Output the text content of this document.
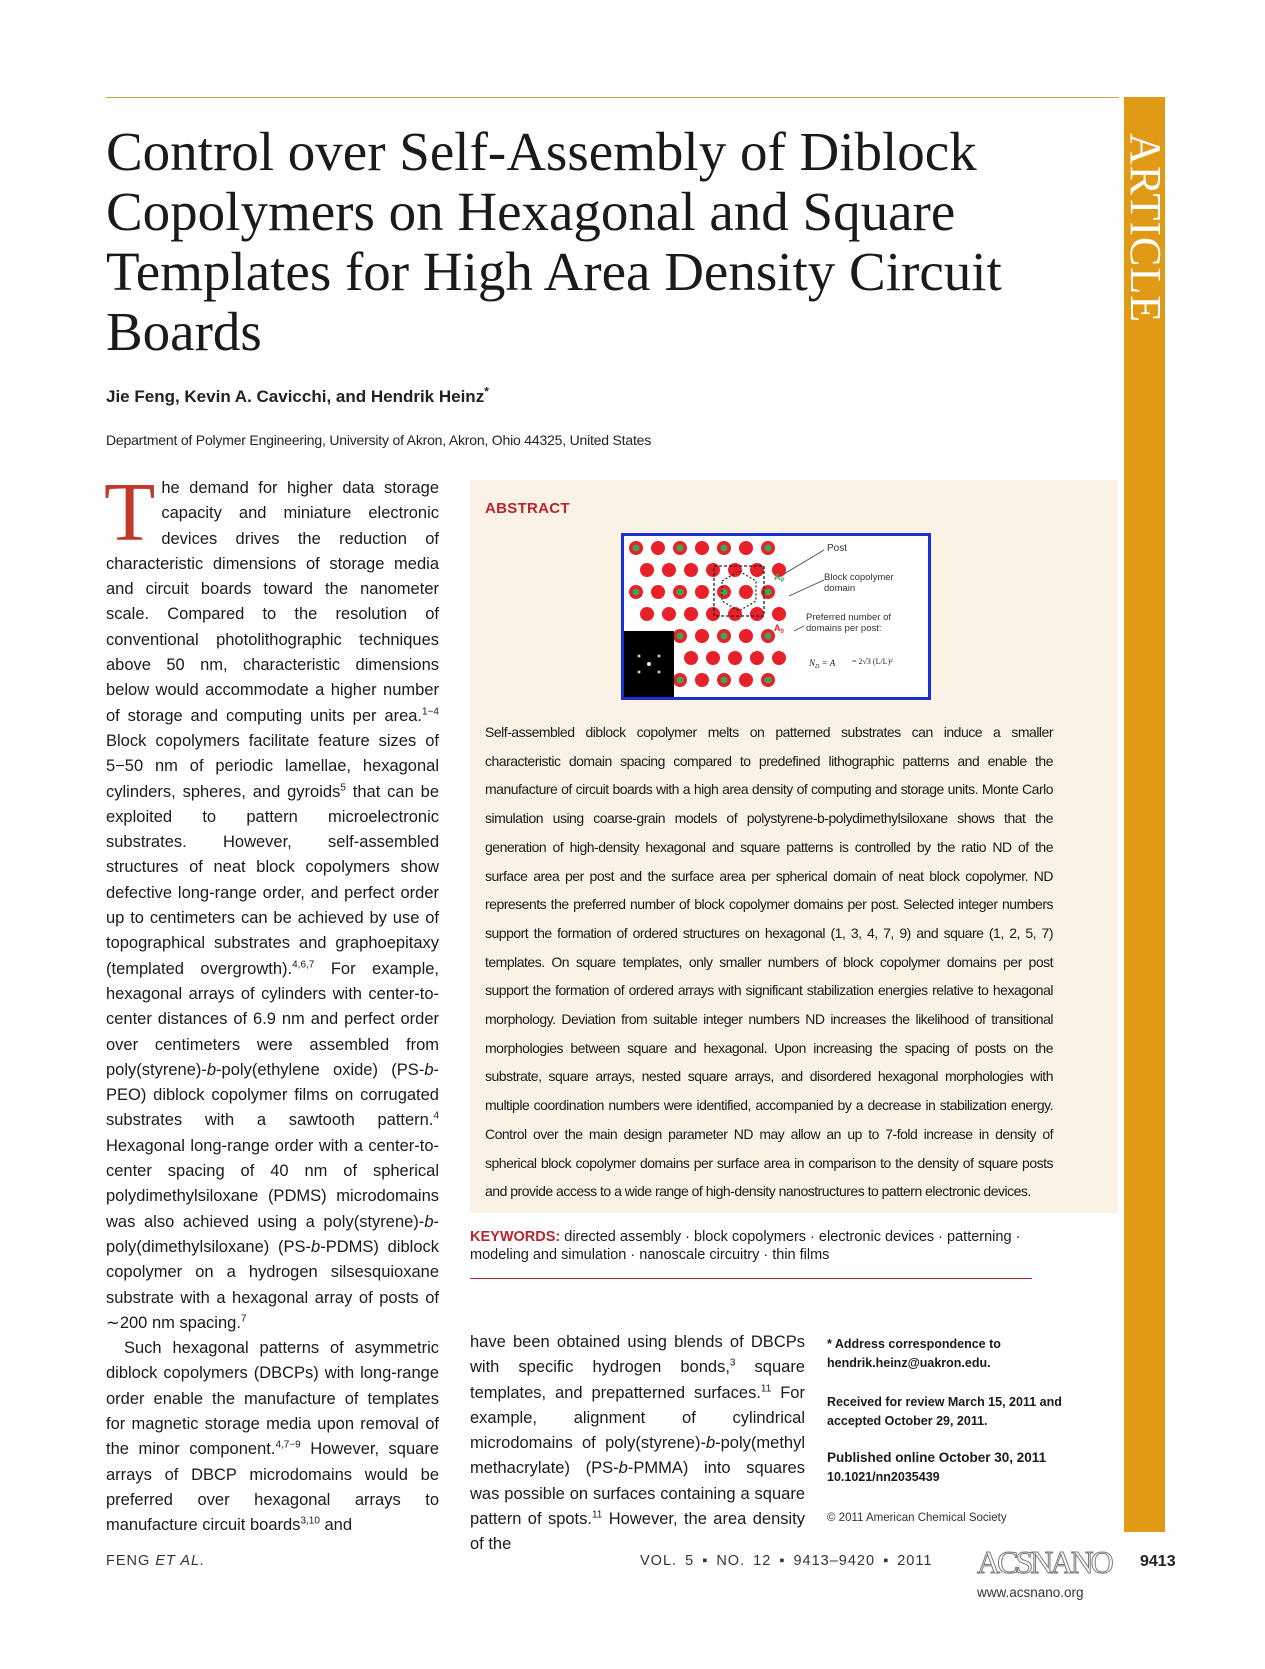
ARTICLE
Control over Self-Assembly of Diblock Copolymers on Hexagonal and Square Templates for High Area Density Circuit Boards
Jie Feng, Kevin A. Cavicchi, and Hendrik Heinz*
Department of Polymer Engineering, University of Akron, Akron, Ohio 44325, United States
T he demand for higher data storage capacity and miniature electronic devices drives the reduction of characteristic dimensions of storage media and circuit boards toward the nanometer scale. Compared to the resolution of conventional photolithographic techniques above 50 nm, characteristic dimensions below would accommodate a higher number of storage and computing units per area.$^{1-4}$ Block copolymers facilitate feature sizes of 5−50 nm of periodic lamellae, hexagonal cylinders, spheres, and gyroids$^5$ that can be exploited to pattern microelectronic substrates. However, self-assembled structures of neat block copolymers show defective long-range order, and perfect order up to centimeters can be achieved by use of topographical substrates and graphoepitaxy (templated overgrowth).$^{4,6,7}$ For example, hexagonal arrays of cylinders with center-to-center distances of 6.9 nm and perfect order over centimeters were assembled from poly(styrene)-b-poly(ethylene oxide) (PS-b-PEO) diblock copolymer films on corrugated substrates with a sawtooth pattern.$^4$ Hexagonal long-range order with a center-to-center spacing of 40 nm of spherical polydimethylsiloxane (PDMS) microdomains was also achieved using a poly(styrene)-b-poly(dimethylsiloxane) (PS-b-PDMS) diblock copolymer on a hydrogen silsesquioxane substrate with a hexagonal array of posts of ∼200 nm spacing.$^7$
Such hexagonal patterns of asymmetric diblock copolymers (DBCPs) with long-range order enable the manufacture of templates for magnetic storage media upon removal of the minor component.$^{4,7-9}$ However, square arrays of DBCP microdomains would be preferred over hexagonal arrays to manufacture circuit boards$^{3,10}$ and
ABSTRACT
$A_P$
$A_0$
Post
Block copolymer domain
Preferred number of domains per post:
$N_D = A = 2√3$ (L/L)²
Self-assembled diblock copolymer melts on patterned substrates can induce a smaller characteristic domain spacing compared to predefined lithographic patterns and enable the manufacture of circuit boards with a high area density of computing and storage units. Monte Carlo simulation using coarse-grain models of polystyrene-b-polydimethylsiloxane shows that the generation of high-density hexagonal and square patterns is controlled by the ratio ND of the surface area per post and the surface area per spherical domain of neat block copolymer. ND represents the preferred number of block copolymer domains per post. Selected integer numbers support the formation of ordered structures on hexagonal (1, 3, 4, 7, 9) and square (1, 2, 5, 7) templates. On square templates, only smaller numbers of block copolymer domains per post support the formation of ordered arrays with significant stabilization energies relative to hexagonal morphology. Deviation from suitable integer numbers ND increases the likelihood of transitional morphologies between square and hexagonal. Upon increasing the spacing of posts on the substrate, square arrays, nested square arrays, and disordered hexagonal morphologies with multiple coordination numbers were identified, accompanied by a decrease in stabilization energy. Control over the main design parameter ND may allow an up to 7-fold increase in density of spherical block copolymer domains per surface area in comparison to the density of square posts and provide access to a wide range of high-density nanostructures to pattern electronic devices.
KEYWORDS: directed assembly · block copolymers · electronic devices · patterning · modeling and simulation · nanoscale circuitry · thin films
have been obtained using blends of DBCPs with specific hydrogen bonds,$^3$ square templates, and prepatterned surfaces.$^{11}$ For example, alignment of cylindrical microdomains of poly(styrene)-b-poly(methyl methacrylate) (PS-b-PMMA) into squares was possible on surfaces containing a square pattern of spots.$^{11}$ However, the area density of the
* Address correspondence to hendrik.heinz@uakron.edu.
Received for review March 15, 2011 and accepted October 29, 2011.
Published online October 30, 2011
10.1021/nn2035439
© 2011 American Chemical Society
FENG ET AL.	VOL. 5 ▪ NO. 12 ▪ 9413–9420 ▪ 2011 ACSNANO 9413
www.acsnano.org
